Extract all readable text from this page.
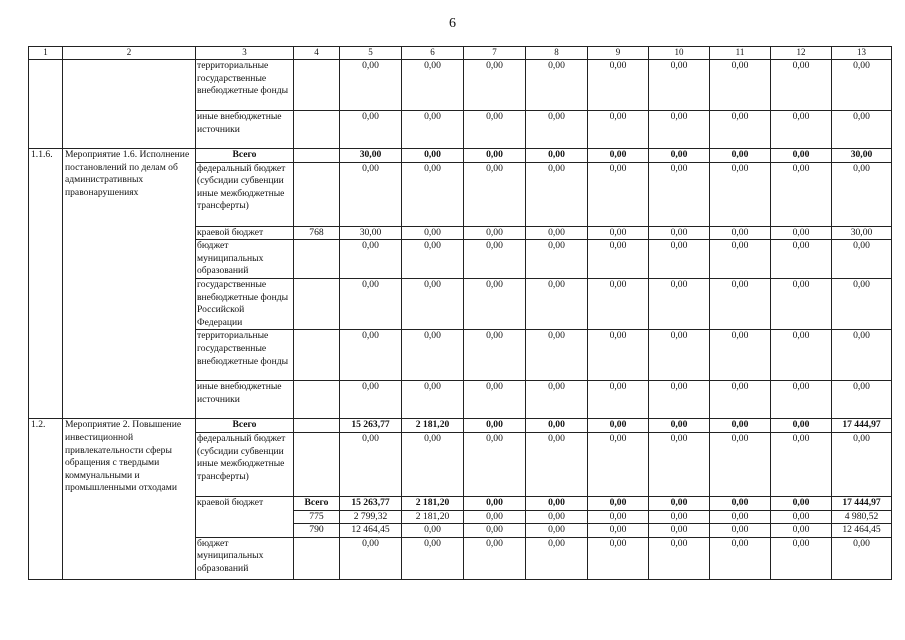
6
1	2	3	4	5	6	7	8	9	10	11	12	13
		территориальные государственные внебюджетные фонды		0,00	0,00	0,00	0,00	0,00	0,00	0,00	0,00	0,00
		иные внебюджетные источники		0,00	0,00	0,00	0,00	0,00	0,00	0,00	0,00	0,00
1.1.6.	Мероприятие 1.6. Исполнение постановлений по делам об административных правонарушениях	Всего		30,00	0,00	0,00	0,00	0,00	0,00	0,00	0,00	30,00
		федеральный бюджет (субсидии субвенции иные межбюджетные трансферты)		0,00	0,00	0,00	0,00	0,00	0,00	0,00	0,00	0,00
		краевой бюджет	768	30,00	0,00	0,00	0,00	0,00	0,00	0,00	0,00	30,00
		бюджет муниципальных образований		0,00	0,00	0,00	0,00	0,00	0,00	0,00	0,00	0,00
		государственные внебюджетные фонды Российской Федерации		0,00	0,00	0,00	0,00	0,00	0,00	0,00	0,00	0,00
		территориальные государственные внебюджетные фонды		0,00	0,00	0,00	0,00	0,00	0,00	0,00	0,00	0,00
		иные внебюджетные источники		0,00	0,00	0,00	0,00	0,00	0,00	0,00	0,00	0,00
1.2.	Мероприятие 2. Повышение инвестиционной привлекательности сферы обращения с твердыми коммунальными и промышленными отходами	Всего		15 263,77	2 181,20	0,00	0,00	0,00	0,00	0,00	0,00	17 444,97
		федеральный бюджет (субсидии субвенции иные межбюджетные трансферты)		0,00	0,00	0,00	0,00	0,00	0,00	0,00	0,00	0,00
		краевой бюджет	Всего	15 263,77	2 181,20	0,00	0,00	0,00	0,00	0,00	0,00	17 444,97
			775	2 799,32	2 181,20	0,00	0,00	0,00	0,00	0,00	0,00	4 980,52
			790	12 464,45	0,00	0,00	0,00	0,00	0,00	0,00	0,00	12 464,45
		бюджет муниципальных образований		0,00	0,00	0,00	0,00	0,00	0,00	0,00	0,00	0,00
